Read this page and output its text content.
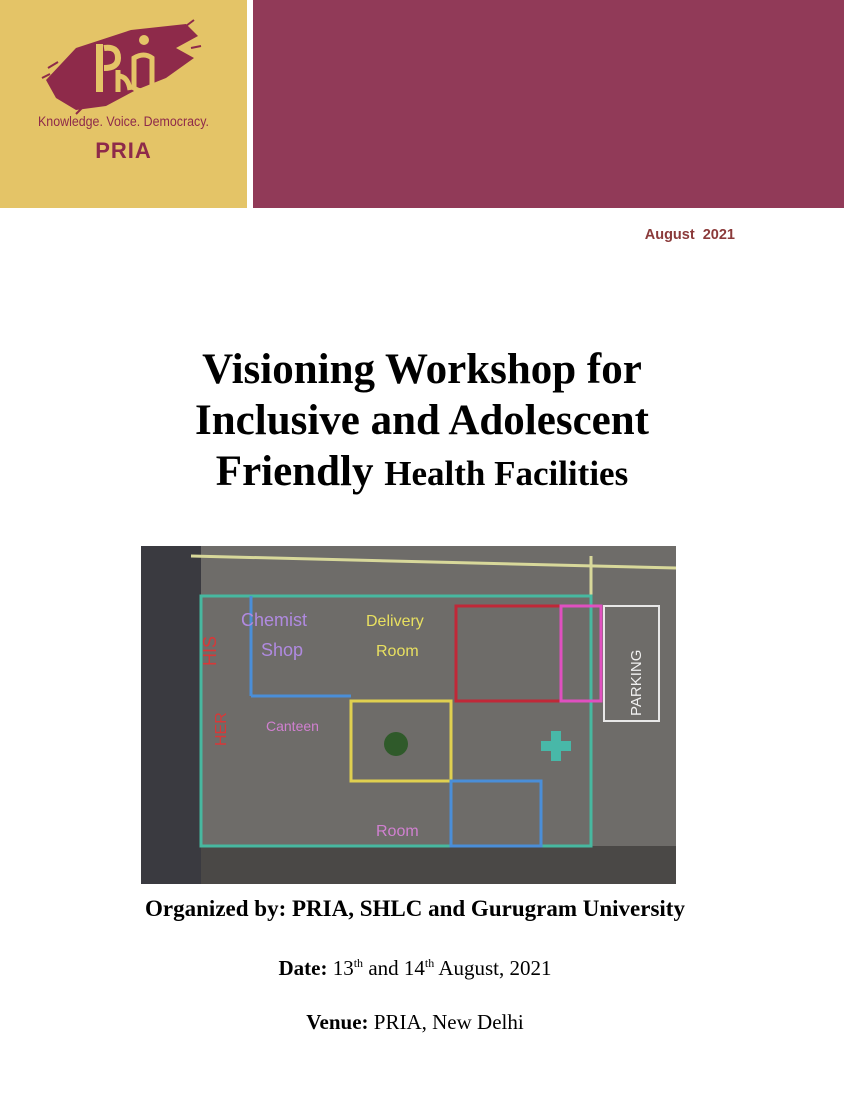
Knowledge. Voice. Democracy.
PRIA
August  2021
Visioning Workshop for
Inclusive and Adolescent
Friendly Health Facilities
HIS
Chemist
Shop
Delivery
Room
HER	Canteen
PARKING
Room
Organized by: PRIA, SHLC and Gurugram University
Date: 13th and 14th August, 2021
Venue: PRIA, New Delhi
